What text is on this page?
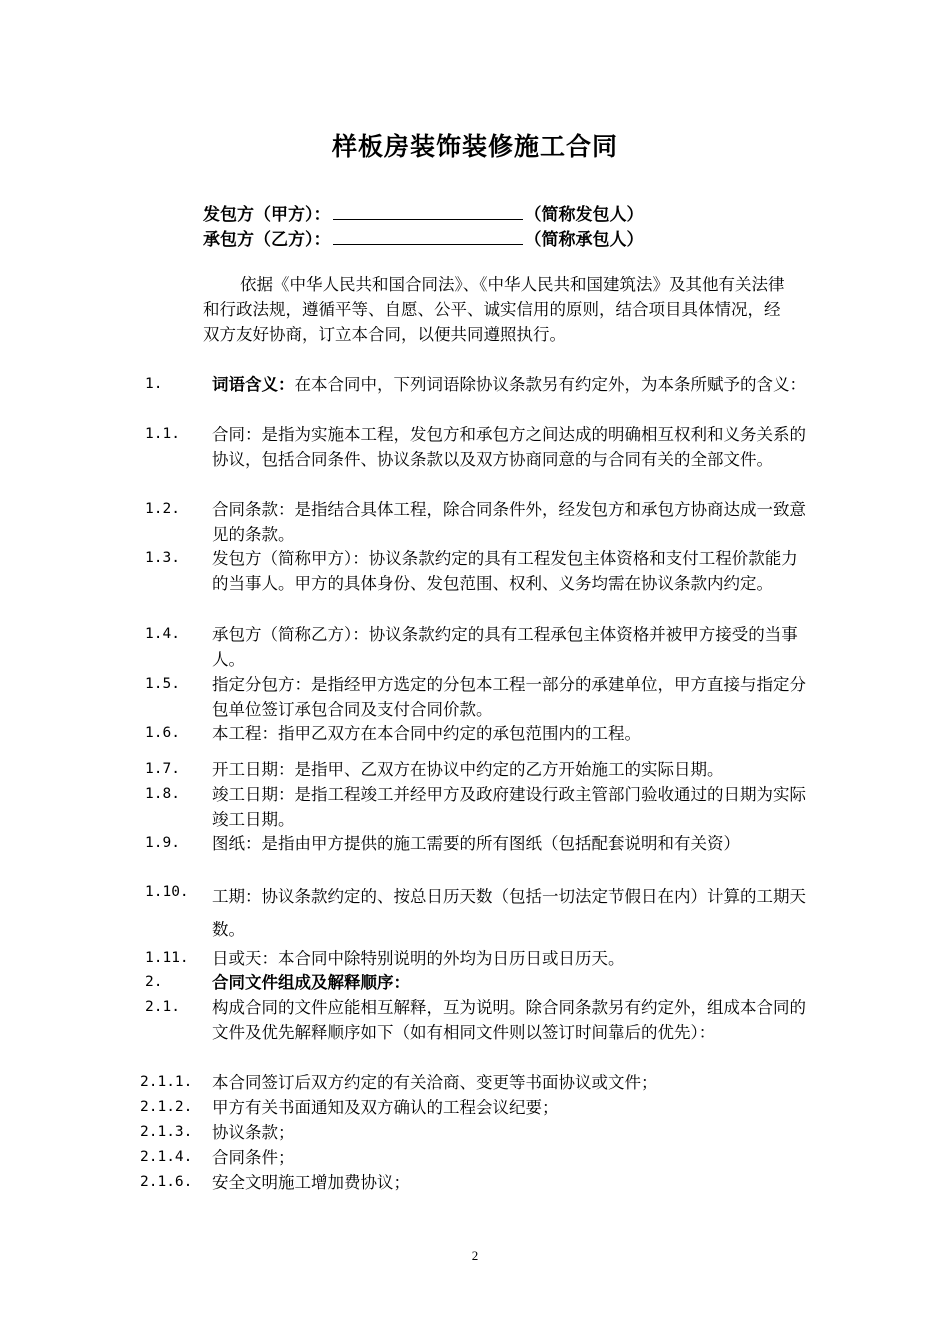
样板房装饰装修施工合同
发包方（甲方）：	（简称发包人）
承包方（乙方）：	（简称承包人）
依据《中华人民共和国合同法》、《中华人民共和国建筑法》及其他有关法律和行政法规，遵循平等、自愿、公平、诚实信用的原则，结合项目具体情况，经双方友好协商，订立本合同，以便共同遵照执行。
1.	词语含义：在本合同中，下列词语除协议条款另有约定外，为本条所赋予的含义：
1.1.	合同：是指为实施本工程，发包方和承包方之间达成的明确相互权利和义务关系的协议，包括合同条件、协议条款以及双方协商同意的与合同有关的全部文件。
1.2.	合同条款：是指结合具体工程，除合同条件外，经发包方和承包方协商达成一致意见的条款。
1.3.	发包方（简称甲方）：协议条款约定的具有工程发包主体资格和支付工程价款能力的当事人。甲方的具体身份、发包范围、权利、义务均需在协议条款内约定。
1.4.	承包方（简称乙方）：协议条款约定的具有工程承包主体资格并被甲方接受的当事人。
1.5.	指定分包方：是指经甲方选定的分包本工程一部分的承建单位，甲方直接与指定分包单位签订承包合同及支付合同价款。
1.6.	本工程：指甲乙双方在本合同中约定的承包范围内的工程。
1.7.	开工日期：是指甲、乙双方在协议中约定的乙方开始施工的实际日期。
1.8.	竣工日期：是指工程竣工并经甲方及政府建设行政主管部门验收通过的日期为实际竣工日期。
1.9.	图纸：是指由甲方提供的施工需要的所有图纸（包括配套说明和有关资）
1.10.	工期：协议条款约定的、按总日历天数（包括一切法定节假日在内）计算的工期天数。
1.11.	日或天：本合同中除特别说明的外均为日历日或日历天。
2.	合同文件组成及解释顺序：
2.1.	构成合同的文件应能相互解释，互为说明。除合同条款另有约定外，组成本合同的文件及优先解释顺序如下（如有相同文件则以签订时间靠后的优先）：
2.1.1.	本合同签订后双方约定的有关洽商、变更等书面协议或文件；
2.1.2.	甲方有关书面通知及双方确认的工程会议纪要；
2.1.3.	协议条款；
2.1.4.	合同条件；
2.1.6.	安全文明施工增加费协议；
2
